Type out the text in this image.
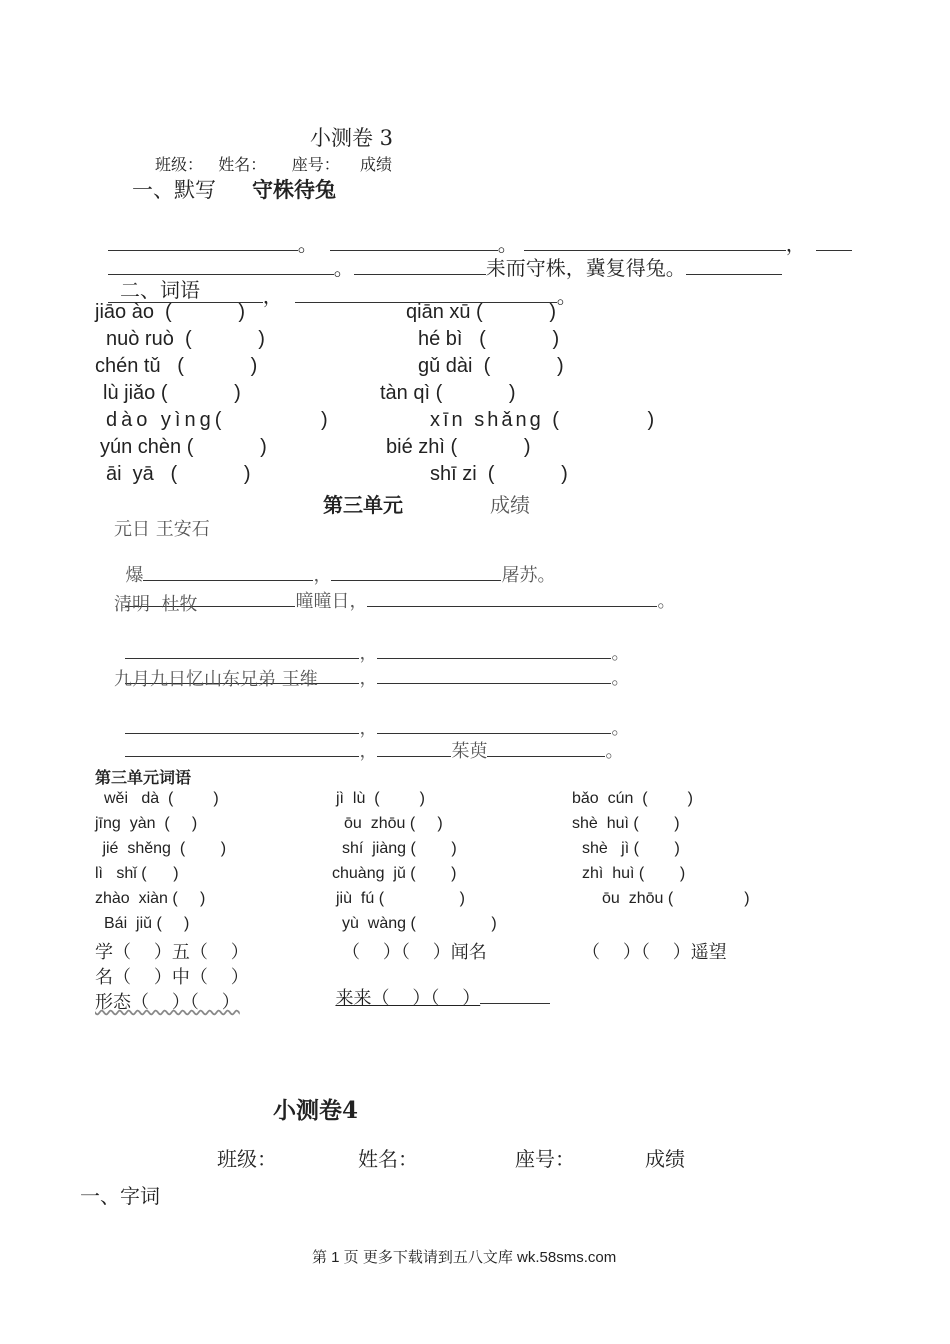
小测卷 3
班级：   姓名：     座号：    成绩
一、默写 守株待兔

。	。	，

。	耒而守株，冀复得兔。

，	。

二、词语
jiāo ào  (            )	qiān xū (            )
nuò ruò  (            )	hé bì   (            )
chén tǔ   (            )	gǔ dài  (            )
lù jiǎo (            )	tàn qì (            )
dào yìng(          )	xīn shǎng (          )
yún chèn (            )	bié zhì (            )
āi  yā   (            )	shī zi  (            )
第三单元	成绩
元日 王安石

爆	，	屠苏。

曈曈日，	。

清明  杜牧

，	。

，	。

九月九日忆山东兄弟 王维

，	。

，	茱萸	。

第三单元词语
wěi   dà  (         )	jì  lù  (         )	bǎo  cún  (         )
jīng  yàn  (     )	ōu  zhōu (     )	shè  huì (        )
jié  shěng  (        )	shí  jiàng (        )	shè   jì (        )
lì   shǐ (      )	chuàng  jǔ (        )	zhì  huì (        )
zhào  xiàn (     )	jiù  fú (                 )	ōu  zhōu (                )
Bái  jiǔ (     )	yù  wàng (                 )
学（    ）五（    ）	（    ）（    ）闻名	（    ）（    ）遥望
名（    ）中（    ）

来来（    ）（    ）

形态（    ）（    ）
小测卷4
班级：	姓名：	座号：	成绩
一、字词
第 1 页 更多下载请到五八文库 wk.58sms.com
